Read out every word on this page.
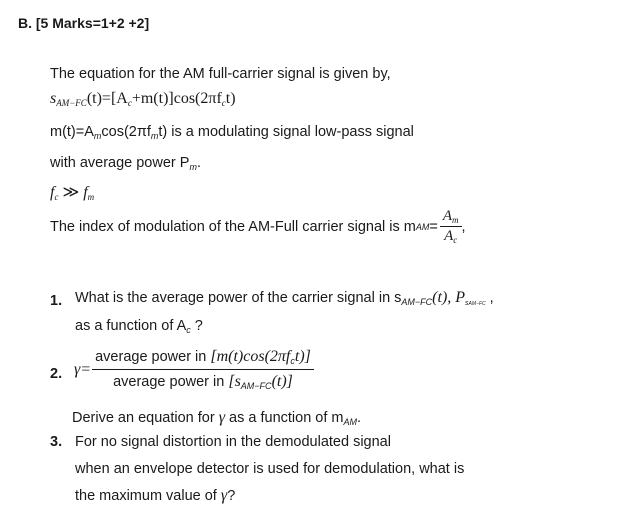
B. [5 Marks=1+2 +2]
The equation for the AM full-carrier signal is given by,
$s_{AM-FC}(t)=[A_c+m(t)]\cos(2\pi f_ct)$
$m(t)=A_m\cos(2\pi f_mt)$ is a modulating signal low-pass signal
with average power $P_m$.
$f_c$ ≫ $f_m$
The index of modulation of the AM-Full carrier signal is m AM = $\frac{A_m}{A_c}$ ,
1. What is the average power of the carrier signal in $s_{AM-FC}(t)$, $P_{sAM-FC}$ ,
as a function of $A_c$ ?
2. $\gamma= \frac{average power in [m(t)\cos(2\pi f_ct)]}{average power in [s_{AM-FC}(t)]}$
Derive an equation for γ as a function of $m_{AM}$.
3. For no signal distortion in the demodulated signal
when an envelope detector is used for demodulation, what is
the maximum value of γ?
